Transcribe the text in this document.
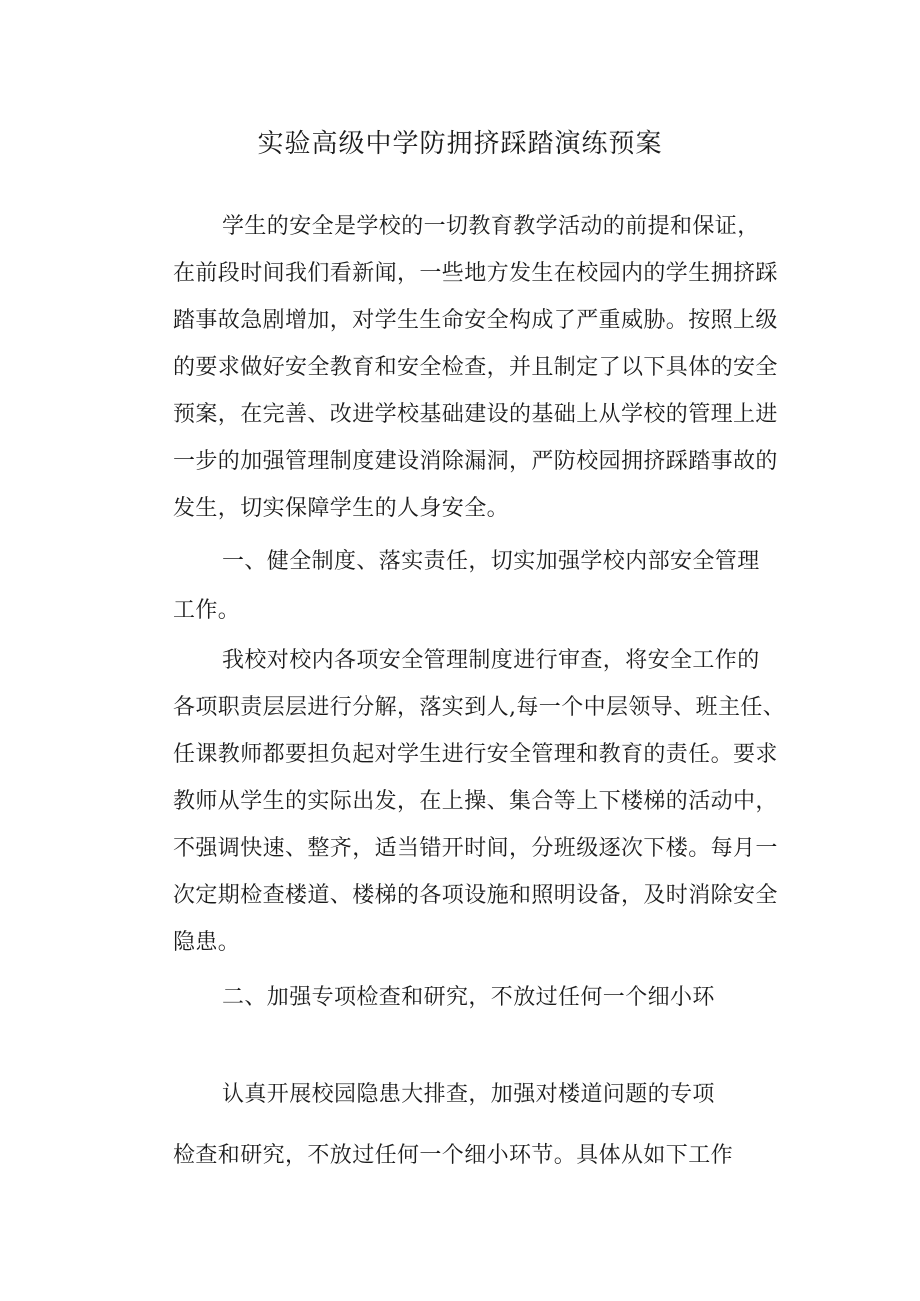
实验高级中学防拥挤踩踏演练预案
学生的安全是学校的一切教育教学活动的前提和保证，
在前段时间我们看新闻，一些地方发生在校园内的学生拥挤踩
踏事故急剧增加，对学生生命安全构成了严重威胁。按照上级
的要求做好安全教育和安全检查，并且制定了以下具体的安全
预案，在完善、改进学校基础建设的基础上从学校的管理上进
一步的加强管理制度建设消除漏洞，严防校园拥挤踩踏事故的
发生，切实保障学生的人身安全。
一、健全制度、落实责任，切实加强学校内部安全管理
工作。
我校对校内各项安全管理制度进行审查，将安全工作的
各项职责层层进行分解，落实到人,每一个中层领导、班主任、
任课教师都要担负起对学生进行安全管理和教育的责任。要求
教师从学生的实际出发，在上操、集合等上下楼梯的活动中，
不强调快速、整齐，适当错开时间，分班级逐次下楼。每月一
次定期检查楼道、楼梯的各项设施和照明设备，及时消除安全
隐患。
二、加强专项检查和研究，不放过任何一个细小环
认真开展校园隐患大排查，加强对楼道问题的专项
检查和研究，不放过任何一个细小环节。具体从如下工作
